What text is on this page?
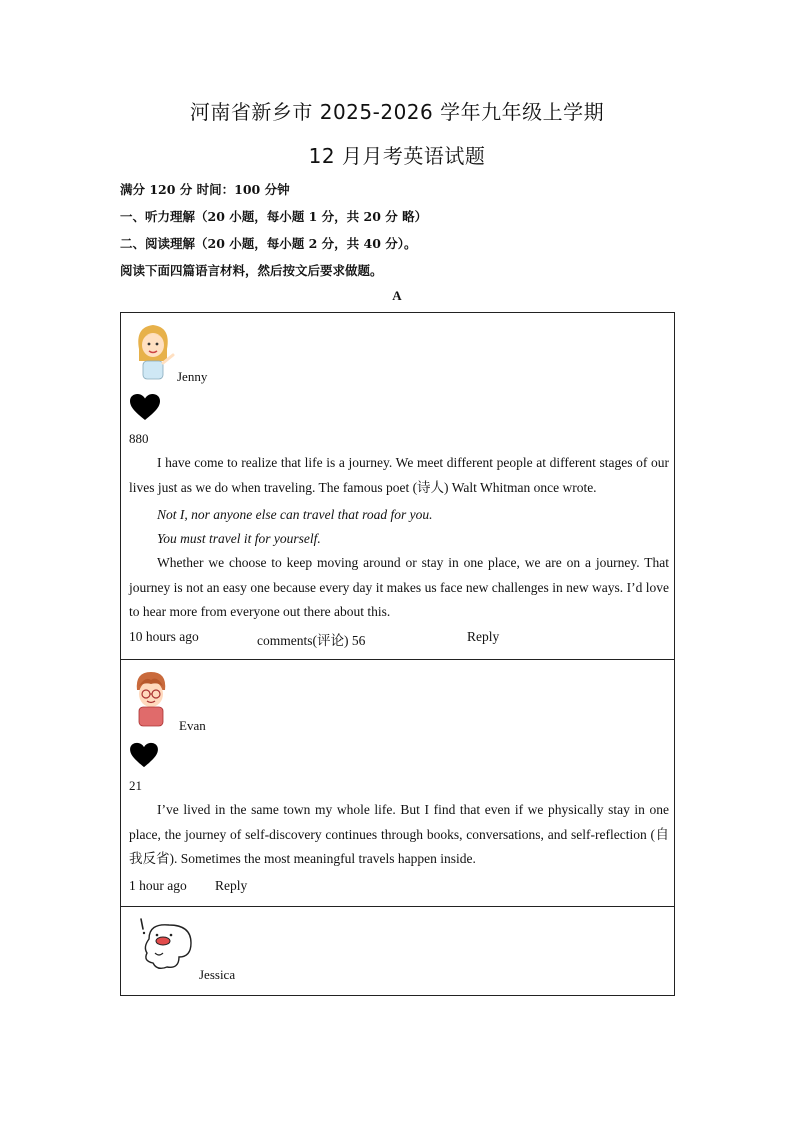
河南省新乡市 2025-2026 学年九年级上学期
12 月月考英语试题
满分 120 分 时间：100 分钟
一、听力理解（20 小题，每小题 1 分，共 20 分 略）
二、阅读理解（20 小题，每小题 2 分，共 40 分）。
阅读下面四篇语言材料，然后按文后要求做题。
A
Jenny
880
I have come to realize that life is a journey. We meet different people at different stages of our lives just as we do when traveling. The famous poet (诗人) Walt Whitman once wrote.
Not I, nor anyone else can travel that road for you.
You must travel it for yourself.
Whether we choose to keep moving around or stay in one place, we are on a journey. That journey is not an easy one because every day it makes us face new challenges in new ways. I’d love to hear more from everyone out there about this.
10 hours ago	comments(评论) 56	Reply
Evan
21
I’ve lived in the same town my whole life. But I find that even if we physically stay in one place, the journey of self-discovery continues through books, conversations, and self-reflection (自我反省). Sometimes the most meaningful travels happen inside.
1 hour ago Reply
Jessica
